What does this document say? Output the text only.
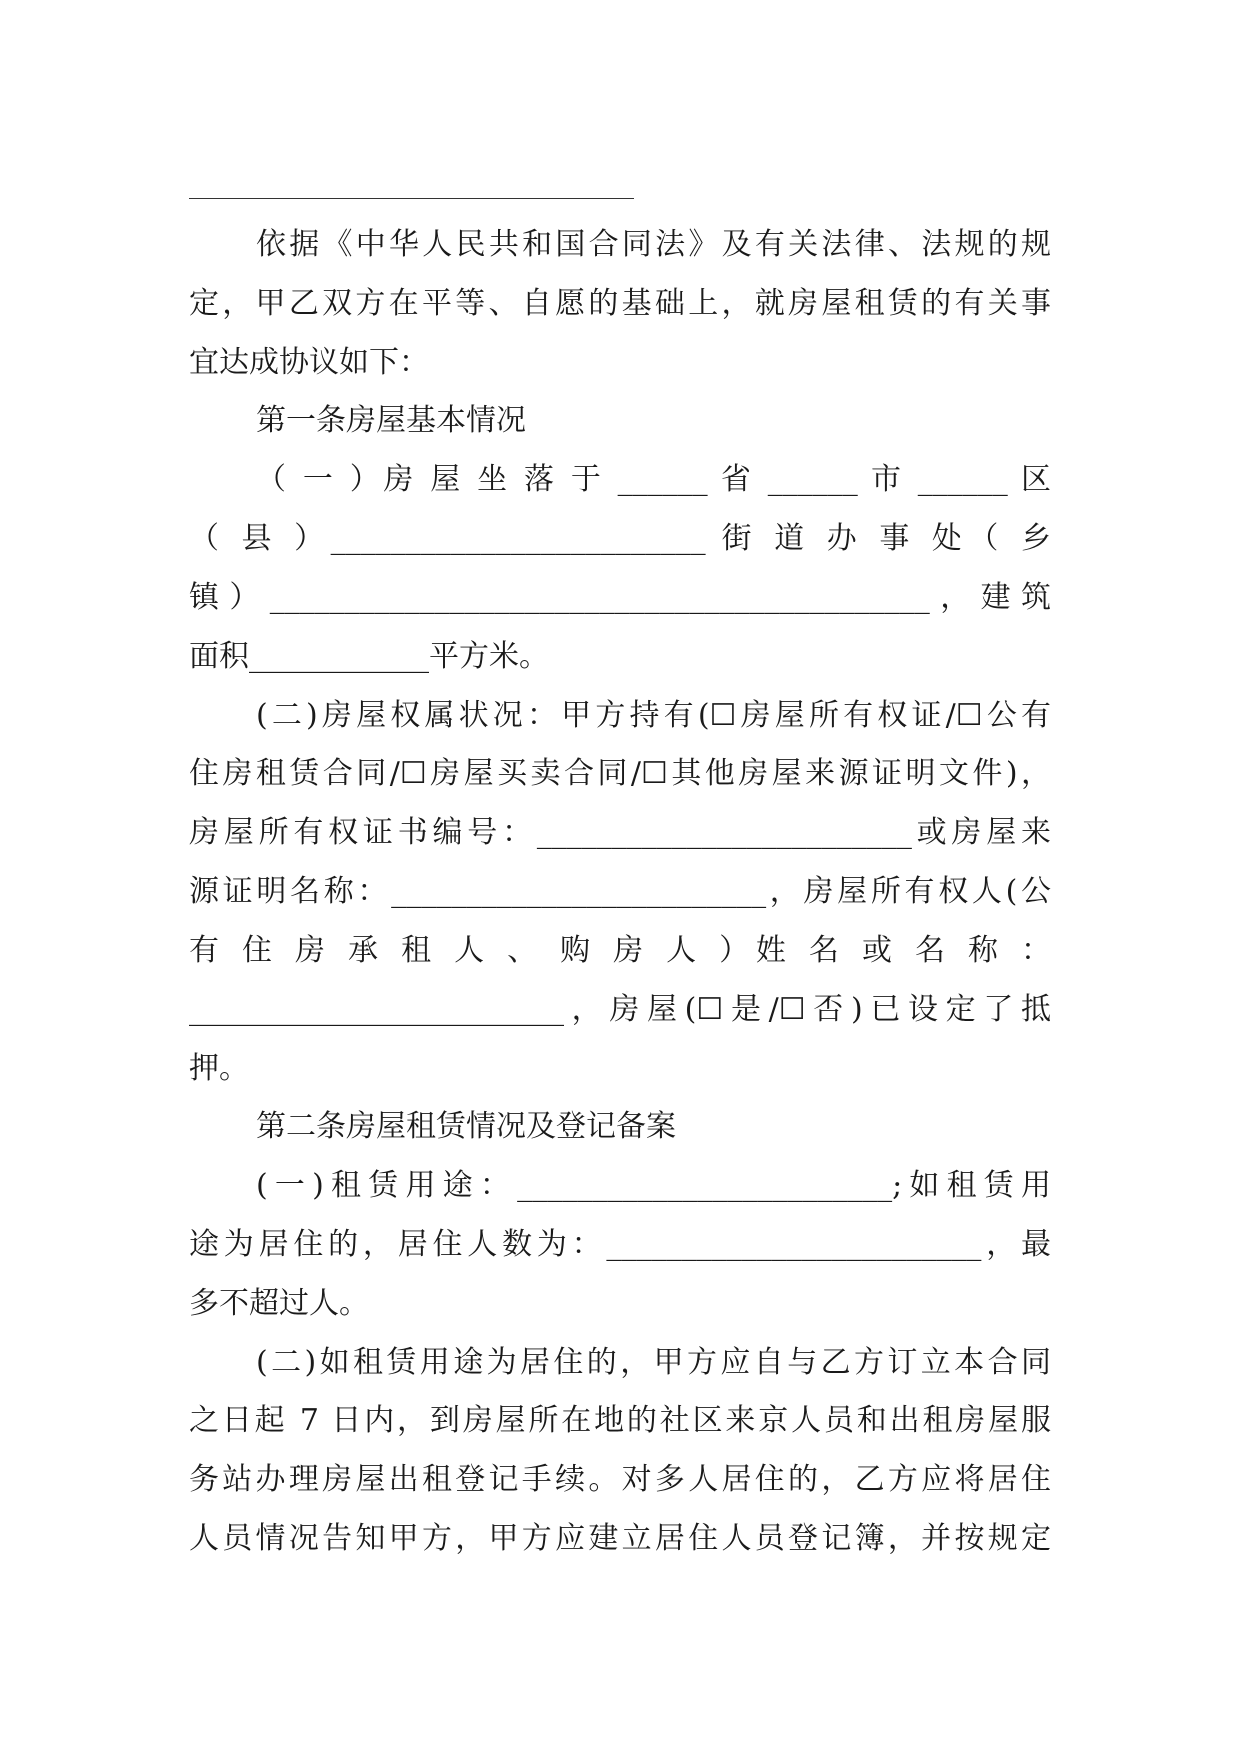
依据《中华人民共和国合同法》及有关法律、法规的规
定，甲乙双方在平等、自愿的基础上，就房屋租赁的有关事
宜达成协议如下：
第一条房屋基本情况
（ 一 ）房 屋 坐 落 于 ______ 省 ______ 市 ______ 区
（ 县 ）_________________________ 街 道 办 事 处（ 乡
镇）____________________________________________，建筑
面积____________平方米。
(二)房屋权属状况：甲方持有(☐房屋所有权证/☐公有
住房租赁合同/☐房屋买卖合同/☐其他房屋来源证明文件)，
房屋所有权证书编号：_________________________或房屋来
源证明名称：_________________________，房屋所有权人(公
有 住 房 承 租 人 、 购 房 人 ）姓 名 或 名 称 ：
_________________________，房屋(☐是/☐否)已设定了抵
押。
第二条房屋租赁情况及登记备案
(一)租赁用途：_________________________;如租赁用
途为居住的，居住人数为：_________________________，最
多不超过人。
(二)如租赁用途为居住的，甲方应自与乙方订立本合同
之日起 7 日内，到房屋所在地的社区来京人员和出租房屋服
务站办理房屋出租登记手续。对多人居住的，乙方应将居住
人员情况告知甲方，甲方应建立居住人员登记簿，并按规定
